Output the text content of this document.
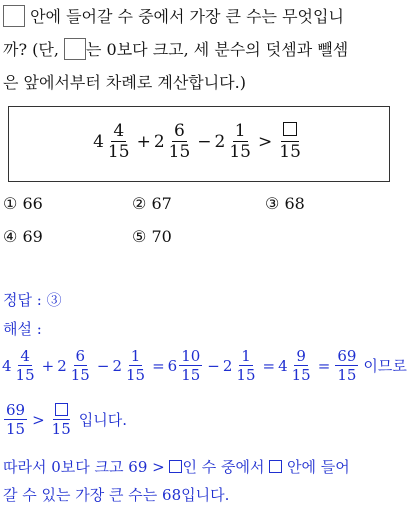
안에 들어갈 수 중에서 가장 큰 수는 무엇입니
까? (단, 는 0보다 크고, 세 분수의 덧셈과 뺄셈
은 앞에서부터 차례로 계산합니다.)
$4 \frac{4}{15} + 2 \frac{6}{15} - 2 \frac{1}{15}$ >
15
① 66	② 67	③ 68
④ 69	⑤ 70
정답 : ③
해설 :
$4 \frac{4}{15} + 2 \frac{6}{15} - 2 \frac{1}{15} = 6 \frac{10}{15} - 2 \frac{1}{15} = 4 \frac{9}{15} = \frac{69}{15}$ 이므로
$\frac{69}{15}$ >
15 입니다.
따라서 0보다 크고 69 > 인 수 중에서 안에 들어
갈 수 있는 가장 큰 수는 68입니다.
